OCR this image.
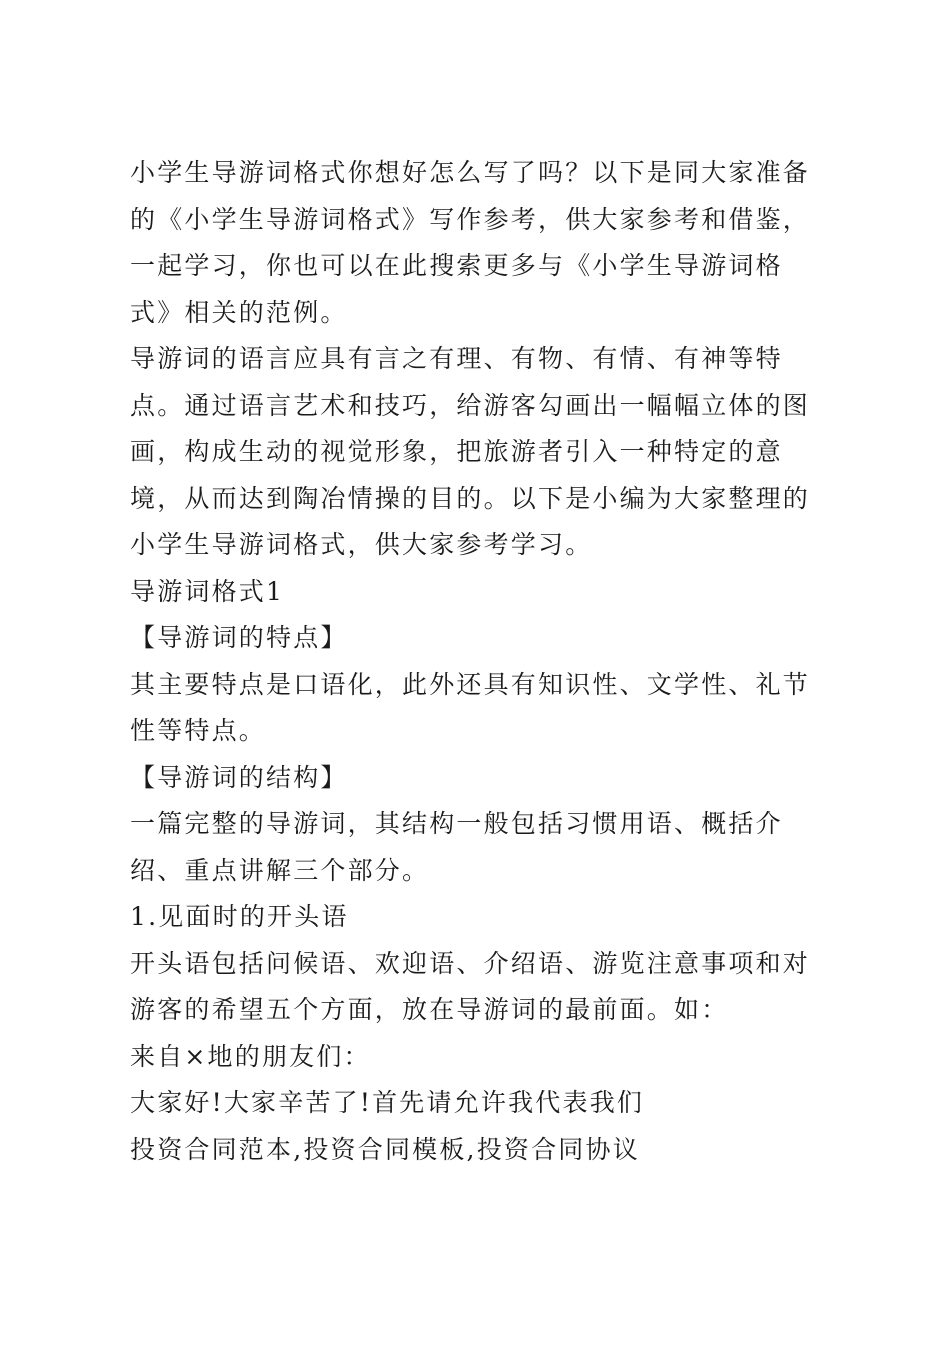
小学生导游词格式你想好怎么写了吗？以下是同大家准备的《小学生导游词格式》写作参考，供大家参考和借鉴，一起学习，你也可以在此搜索更多与《小学生导游词格式》相关的范例。

导游词的语言应具有言之有理、有物、有情、有神等特点。通过语言艺术和技巧，给游客勾画出一幅幅立体的图画，构成生动的视觉形象，把旅游者引入一种特定的意境，从而达到陶冶情操的目的。以下是小编为大家整理的小学生导游词格式，供大家参考学习。

导游词格式1

【导游词的特点】

其主要特点是口语化，此外还具有知识性、文学性、礼节性等特点。

【导游词的结构】

一篇完整的导游词，其结构一般包括习惯用语、概括介绍、重点讲解三个部分。

1.见面时的开头语

开头语包括问候语、欢迎语、介绍语、游览注意事项和对游客的希望五个方面，放在导游词的最前面。如：

来自×地的朋友们：

大家好!大家辛苦了!首先请允许我代表我们

投资合同范本,投资合同模板,投资合同协议
